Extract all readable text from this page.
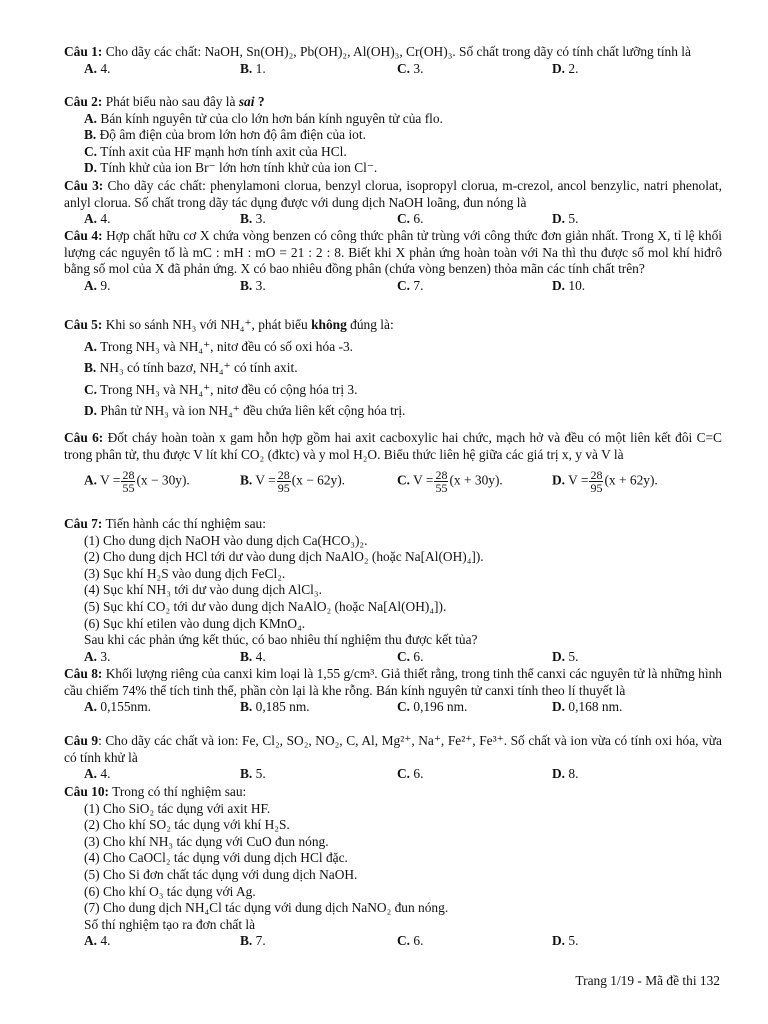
Câu 1: Cho dãy các chất: NaOH, Sn(OH)₂, Pb(OH)₂, Al(OH)₃, Cr(OH)₃. Số chất trong dãy có tính chất lưỡng tính là
A. 4.	B. 1.	C. 3.	D. 2.
Câu 2: Phát biểu nào sau đây là sai ?
A. Bán kính nguyên tử của clo lớn hơn bán kính nguyên tử của flo.
B. Độ âm điện của brom lớn hơn độ âm điện của iot.
C. Tính axit của HF mạnh hơn tính axit của HCl.
D. Tính khử của ion Br⁻ lớn hơn tính khử của ion Cl⁻.
Câu 3: Cho dãy các chất: phenylamoni clorua, benzyl clorua, isopropyl clorua, m-crezol, ancol benzylic, natri phenolat, anlyl clorua. Số chất trong dãy tác dụng được với dung dịch NaOH loãng, đun nóng là
A. 4.	B. 3.	C. 6.	D. 5.
Câu 4: Hợp chất hữu cơ X chứa vòng benzen có công thức phân tử trùng với công thức đơn giản nhất. Trong X, tỉ lệ khối lượng các nguyên tố là mC : mH : mO = 21 : 2 : 8. Biết khi X phản ứng hoàn toàn với Na thì thu được số mol khí hiđrô bằng số mol của X đã phản ứng. X có bao nhiêu đồng phân (chứa vòng benzen) thỏa mãn các tính chất trên?
A. 9.	B. 3.	C. 7.	D. 10.
Câu 5: Khi so sánh NH₃ với NH₄⁺, phát biểu không đúng là:
A. Trong NH₃ và NH₄⁺, nitơ đều có số oxi hóa -3.
B. NH₃ có tính bazơ, NH₄⁺ có tính axit.
C. Trong NH₃ và NH₄⁺, nitơ đều có cộng hóa trị 3.
D. Phân tử NH₃ và ion NH₄⁺ đều chứa liên kết cộng hóa trị.
Câu 6: Đốt cháy hoàn toàn x gam hỗn hợp gồm hai axit cacboxylic hai chức, mạch hở và đều có một liên kết đôi C=C trong phân tử, thu được V lít khí CO₂ (đktc) và y mol H₂O. Biểu thức liên hệ giữa các giá trị x, y và V là
A. $V = \frac{28}{55} (x - 30y)$.	B. $V = \frac{28}{95} (x - 62y)$.	C. $V = \frac{28}{55} (x + 30y)$.	D. $V = \frac{28}{95} (x + 62y)$.
Câu 7: Tiến hành các thí nghiệm sau:
(1) Cho dung dịch NaOH vào dung dịch Ca(HCO₃)₂.
(2) Cho dung dịch HCl tới dư vào dung dịch NaAlO₂ (hoặc Na[Al(OH)₄]).
(3) Sục khí H₂S vào dung dịch FeCl₂.
(4) Sục khí NH₃ tới dư vào dung dịch AlCl₃.
(5) Sục khí CO₂ tới dư vào dung dịch NaAlO₂ (hoặc Na[Al(OH)₄]).
(6) Sục khí etilen vào dung dịch KMnO₄.
Sau khi các phản ứng kết thúc, có bao nhiêu thí nghiệm thu được kết tủa?
A. 3.	B. 4.	C. 6.	D. 5.
Câu 8: Khối lượng riêng của canxi kim loại là 1,55 g/cm³. Giả thiết rằng, trong tinh thể canxi các nguyên tử là những hình cầu chiếm 74% thể tích tinh thể, phần còn lại là khe rỗng. Bán kính nguyên tử canxi tính theo lí thuyết là
A. 0,155nm.	B. 0,185 nm.	C. 0,196 nm.	D. 0,168 nm.
Câu 9: Cho dãy các chất và ion: Fe, Cl₂, SO₂, NO₂, C, Al, Mg²⁺, Na⁺, Fe²⁺, Fe³⁺. Số chất và ion vừa có tính oxi hóa, vừa có tính khử là
A. 4.	B. 5.	C. 6.	D. 8.
Câu 10: Trong có thí nghiệm sau:
(1) Cho SiO₂ tác dụng với axit HF.
(2) Cho khí SO₂ tác dụng với khí H₂S.
(3) Cho khí NH₃ tác dụng với CuO đun nóng.
(4) Cho CaOCl₂ tác dụng với dung dịch HCl đặc.
(5) Cho Si đơn chất tác dụng với dung dịch NaOH.
(6) Cho khí O₃ tác dụng với Ag.
(7) Cho dung dịch NH₄Cl tác dụng với dung dịch NaNO₂ đun nóng.
Số thí nghiệm tạo ra đơn chất là
A. 4.	B. 7.	C. 6.	D. 5.
Trang 1/19 - Mã đề thi 132
